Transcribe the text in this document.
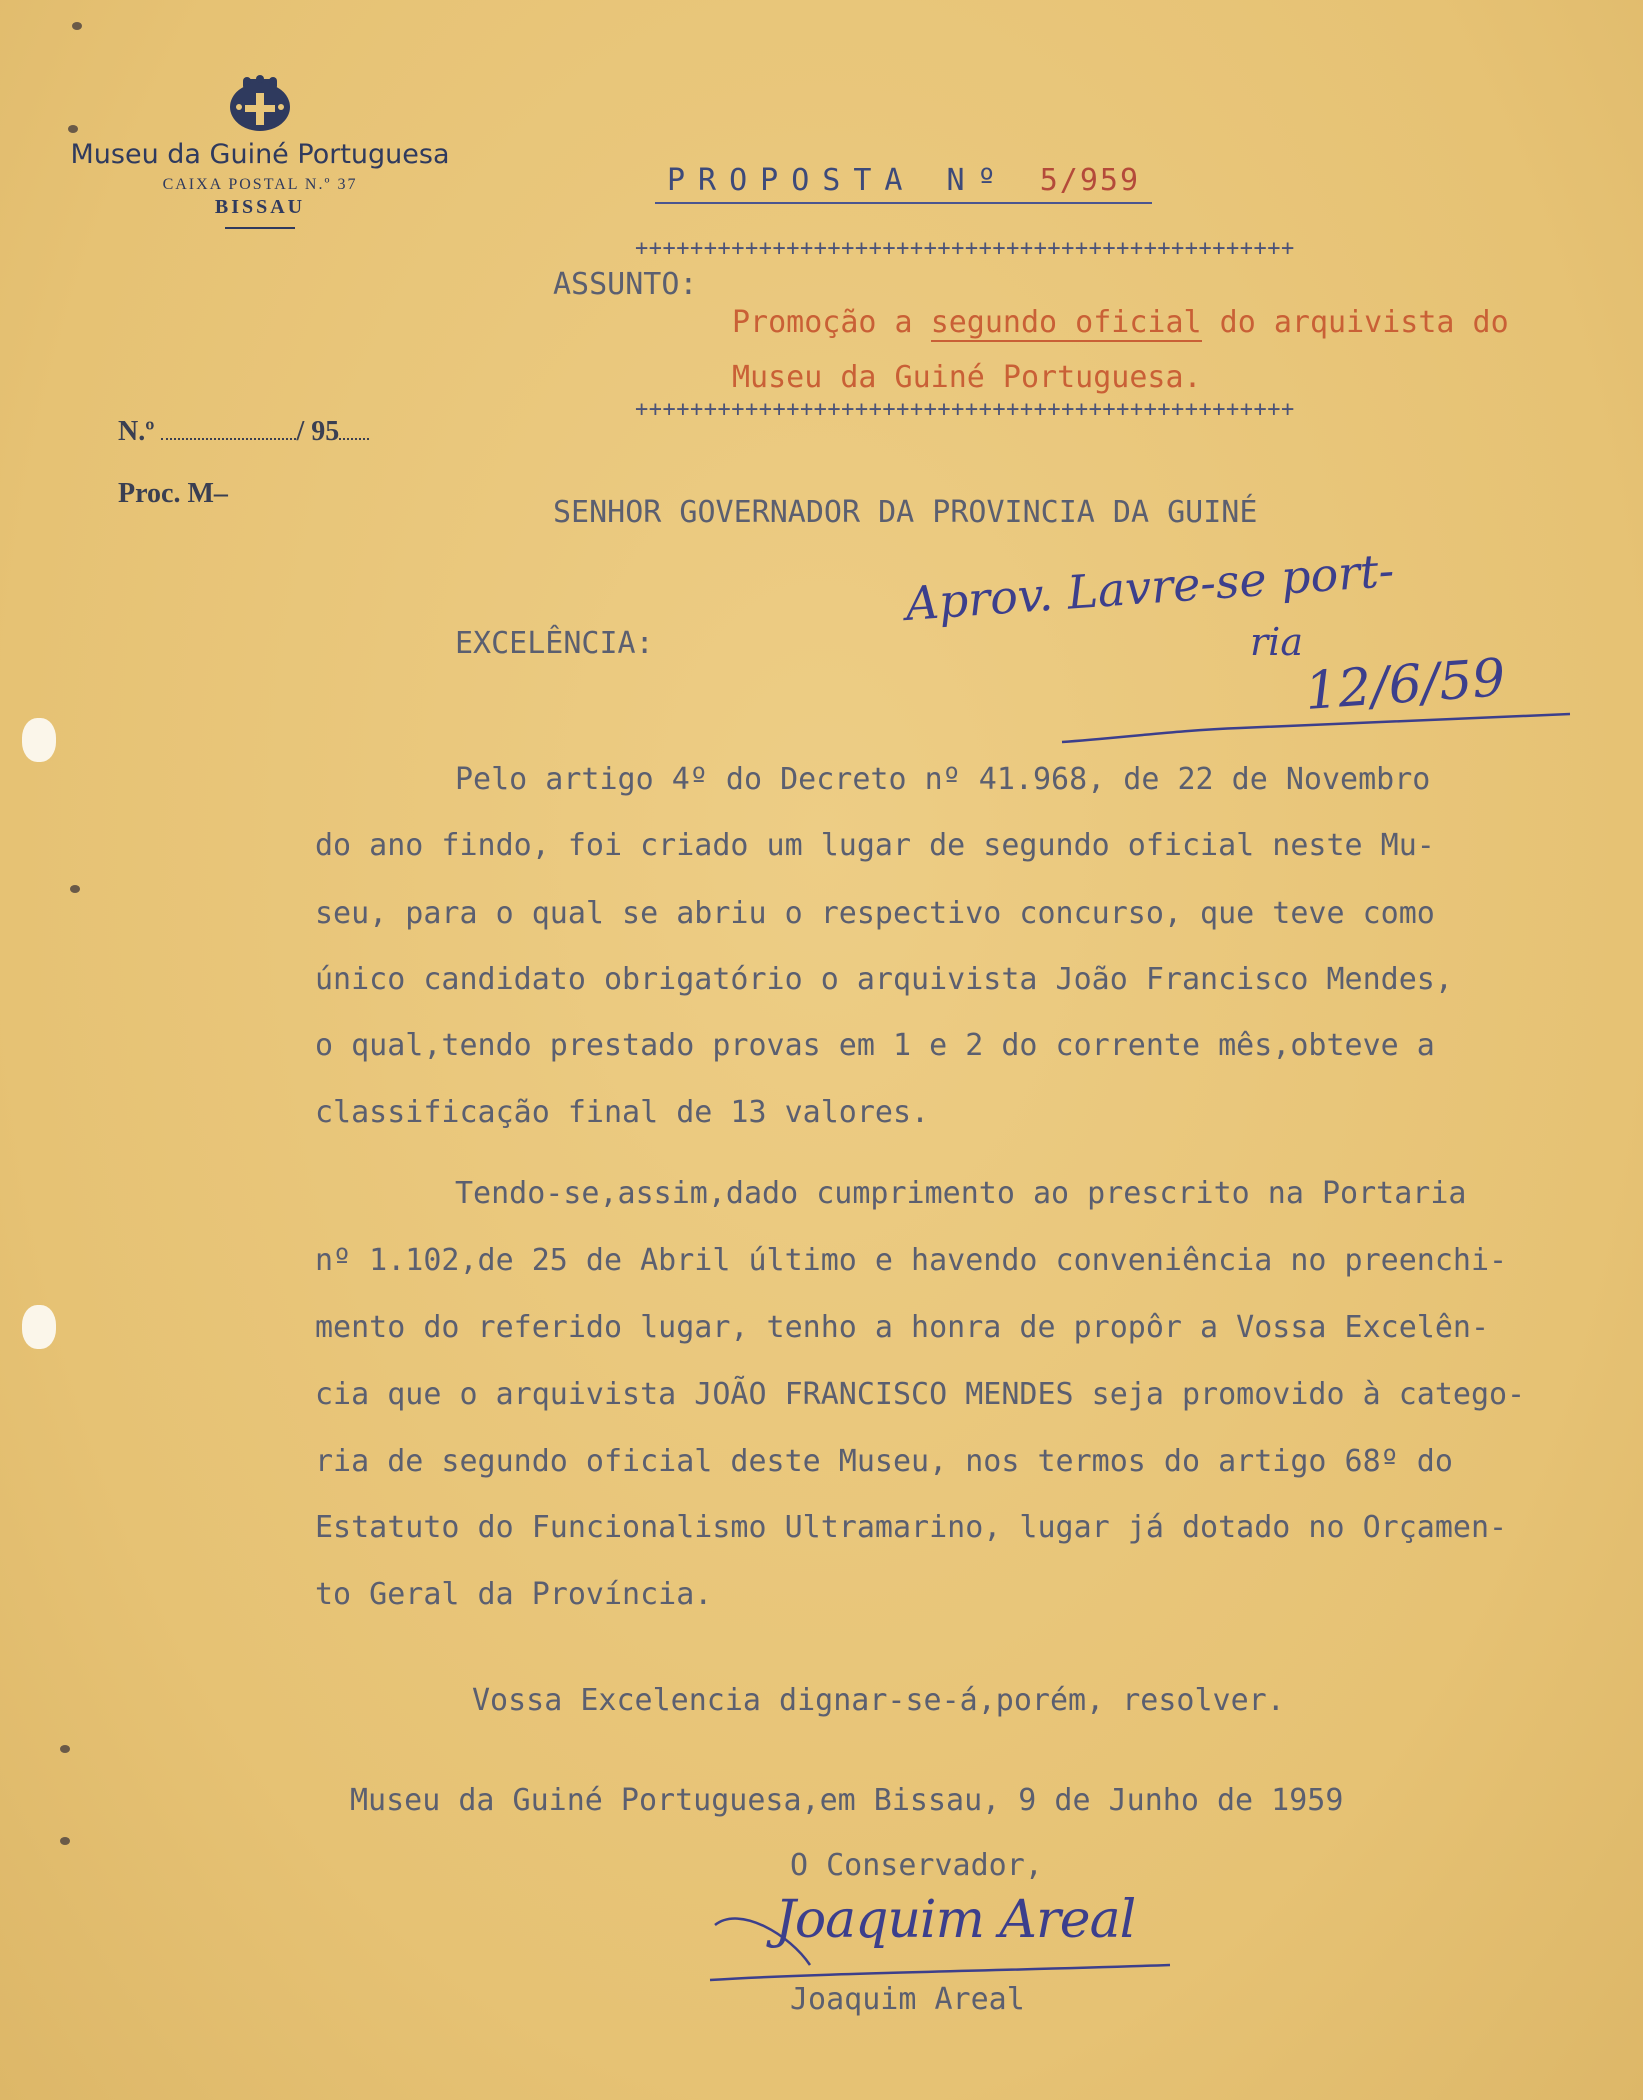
Museu da Guiné Portuguesa
CAIXA POSTAL N.º 37
BISSAU
N.º	/ 95
Proc. M–
PROPOSTA Nº 5/959
++++++++++++++++++++++++++++++++++++++++++++++++
++++++++++++++++++++++++++++++++++++++++++++++++
ASSUNTO:
Promoção a segundo oficial do arquivista do
Museu da Guiné Portuguesa.
SENHOR GOVERNADOR DA PROVINCIA DA GUINÉ
EXCELÊNCIA:
Aprov. Lavre-se port-
ria
12/6/59
Pelo artigo 4º do Decreto nº 41.968, de 22 de Novembro
do ano findo, foi criado um lugar de segundo oficial neste Mu-
seu, para o qual se abriu o respectivo concurso, que teve como
único candidato obrigatório o arquivista João Francisco Mendes,
o qual,tendo prestado provas em 1 e 2 do corrente mês,obteve a
classificação final de 13 valores.
Tendo-se,assim,dado cumprimento ao prescrito na Portaria
nº 1.102,de 25 de Abril último e havendo conveniência no preenchi-
mento do referido lugar, tenho a honra de propôr a Vossa Excelên-
cia que o arquivista JOÃO FRANCISCO MENDES seja promovido à catego-
ria de segundo oficial deste Museu, nos termos do artigo 68º do
Estatuto do Funcionalismo Ultramarino, lugar já dotado no Orçamen-
to Geral da Província.
Vossa Excelencia dignar-se-á,porém, resolver.
Museu da Guiné Portuguesa,em Bissau, 9 de Junho de 1959
O Conservador,
Joaquim Areal
Joaquim Areal
